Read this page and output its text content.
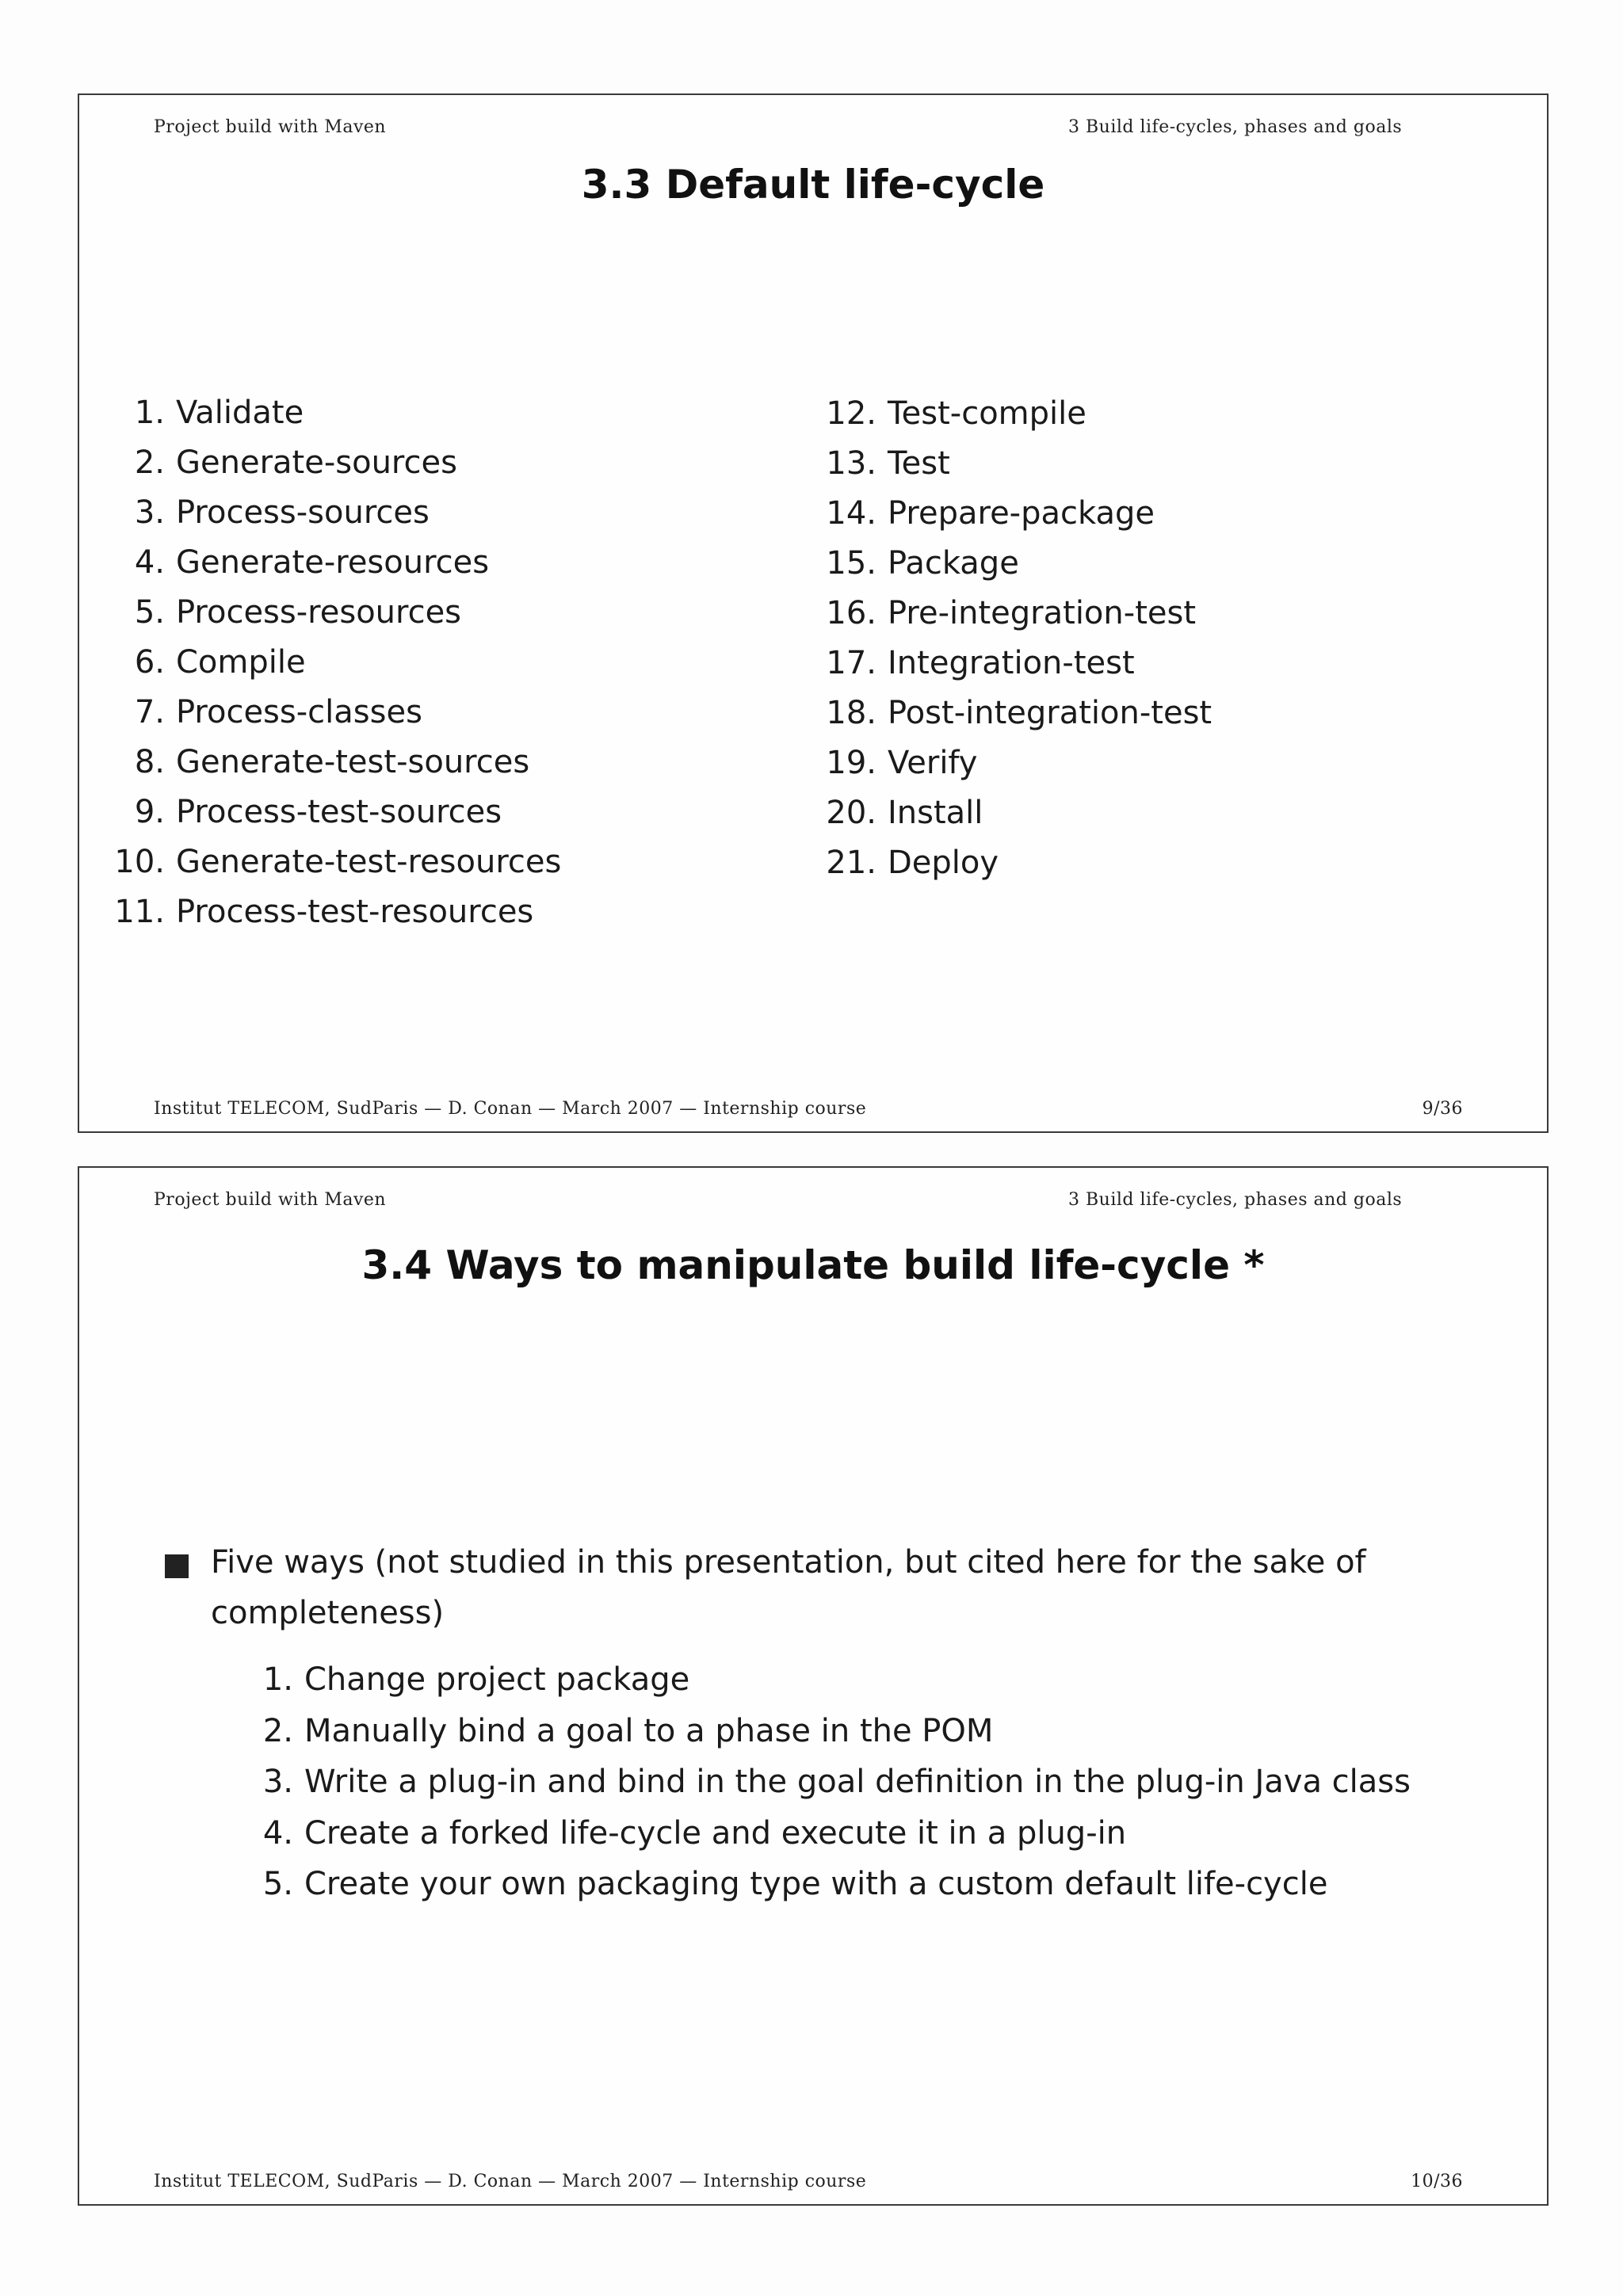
Project build with Maven	3 Build life-cycles, phases and goals
3.3 Default life-cycle
1. Validate
2. Generate-sources
3. Process-sources
4. Generate-resources
5. Process-resources
6. Compile
7. Process-classes
8. Generate-test-sources
9. Process-test-sources
10. Generate-test-resources
11. Process-test-resources
12. Test-compile
13. Test
14. Prepare-package
15. Package
16. Pre-integration-test
17. Integration-test
18. Post-integration-test
19. Verify
20. Install
21. Deploy
Institut TELECOM, SudParis — D. Conan — March 2007 — Internship course	9/36
Project build with Maven	3 Build life-cycles, phases and goals
3.4 Ways to manipulate build life-cycle *
Five ways (not studied in this presentation, but cited here for the sake of completeness)
1. Change project package
2. Manually bind a goal to a phase in the POM
3. Write a plug-in and bind in the goal definition in the plug-in Java class
4. Create a forked life-cycle and execute it in a plug-in
5. Create your own packaging type with a custom default life-cycle
Institut TELECOM, SudParis — D. Conan — March 2007 — Internship course	10/36
